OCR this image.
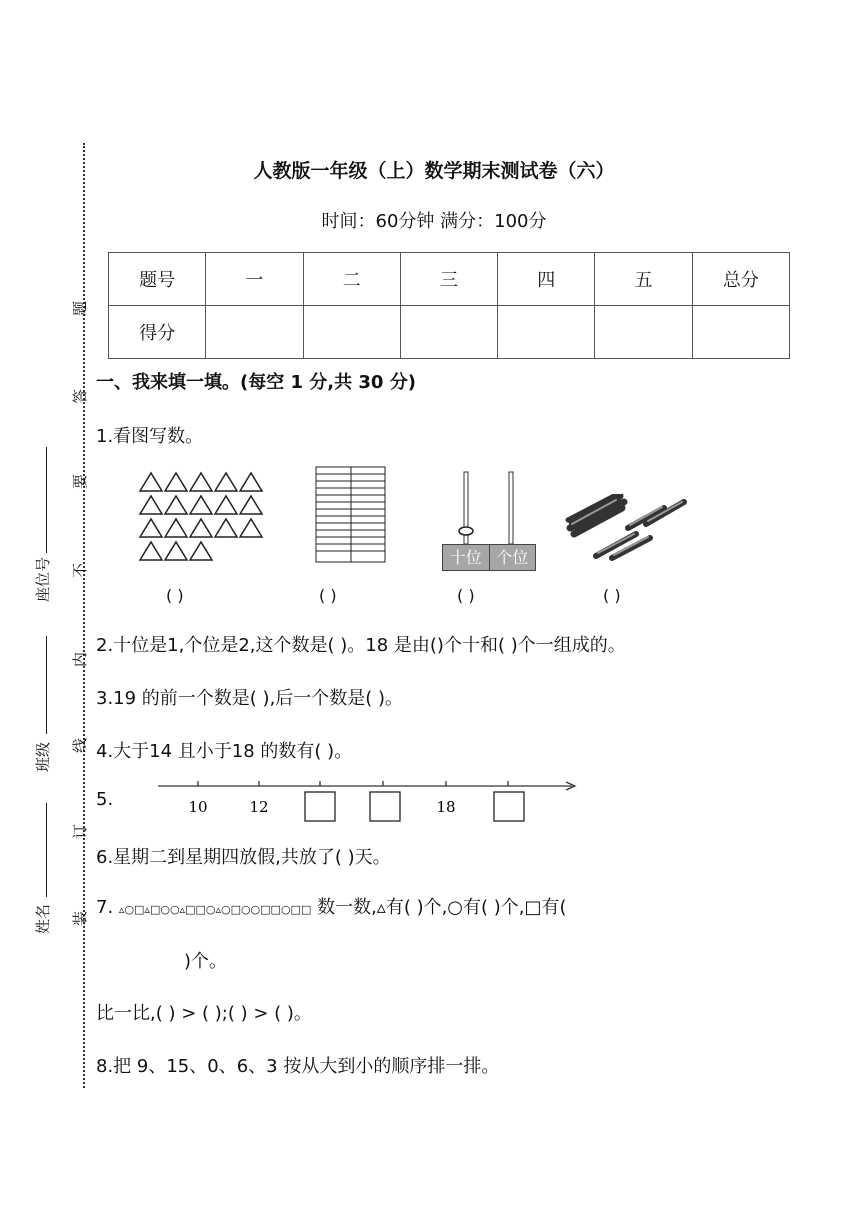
题
答
要
不
内
线
订
装
座位号
班级
姓名
人教版一年级（上）数学期末测试卷（六）
时间：60分钟 满分：100分
题号	一	二	三	四	五	总分
得分						
一、我来填一填。(每空 1 分,共 30 分)
1.看图写数。
十位 个位
( )	( )	( )	( )
2.十位是1,个位是2,这个数是( )。18 是由()个十和( )个一组成的。
3.19 的前一个数是( ),后一个数是( )。
4.大于14 且小于18 的数有( )。
5.	10	12	18
6.星期二到星期四放假,共放了( )天。
7. ▵○□▵□○○▵□□○▵○□○○□□○□□ 数一数,▵有( )个,○有( )个,□有(
)个。
比一比,( ) > ( );( ) > ( )。
8.把 9、15、0、6、3 按从大到小的顺序排一排。
